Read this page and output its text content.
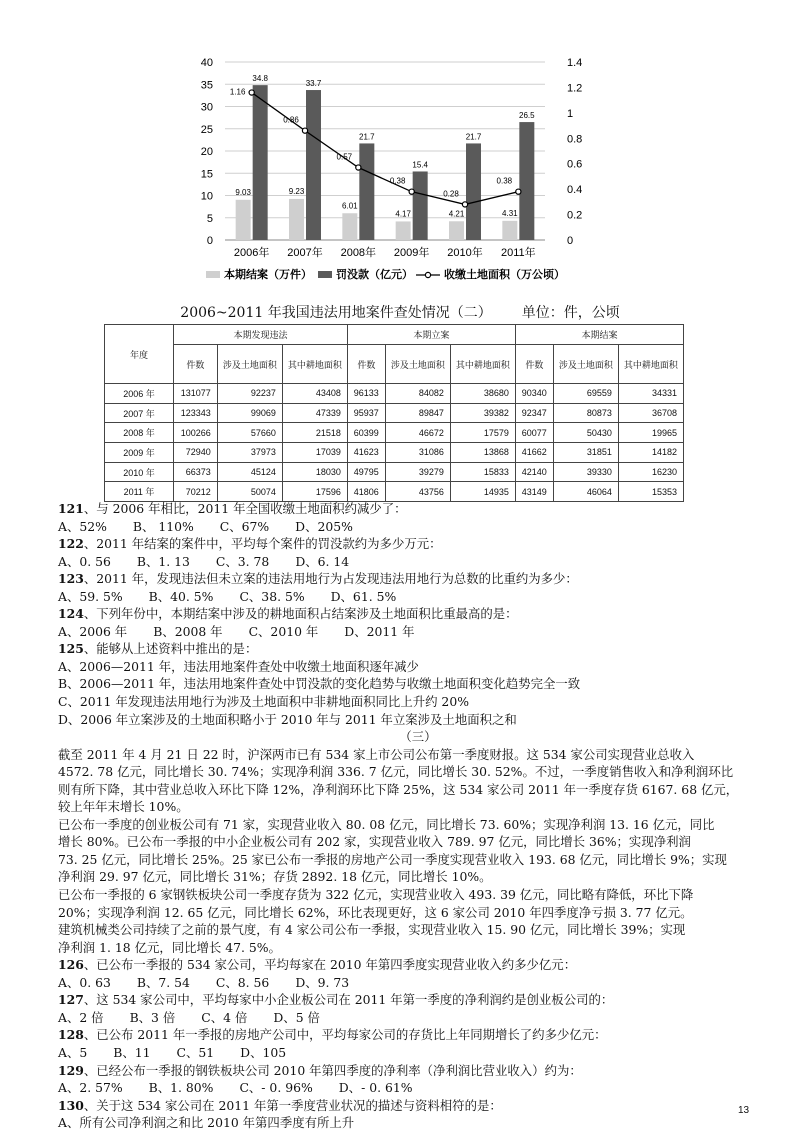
0
5
10
15
20
25
30
35
40
0
0.2
0.4
0.6
0.8
1
1.2
1.4
9.03
34.8
2006年
9.23
33.7
2007年
6.01
21.7
2008年
4.17
15.4
2009年
4.21
21.7
2010年
4.31
26.5
2011年
1.16
0.86
0.57
0.38
0.28
0.38
本期结案（万件） 罚没款（亿元）	收缴土地面积（万公顷）
2006~2011 年我国违法用地案件查处情况（二） 单位：件，公顷
年度	本期发现违法			本期立案			本期结案		
	件数	涉及土地面积	其中耕地面积	件数	涉及土地面积	其中耕地面积	件数	涉及土地面积	其中耕地面积
2006 年	131077	92237	43408	96133	84082	38680	90340	69559	34331
2007 年	123343	99069	47339	95937	89847	39382	92347	80873	36708
2008 年	100266	57660	21518	60399	46672	17579	60077	50430	19965
2009 年	72940	37973	17039	41623	31086	13868	41662	31851	14182
2010 年	66373	45124	18030	49795	39279	15833	42140	39330	16230
2011 年	70212	50074	17596	41806	43756	14935	43149	46064	15353

121、与 2006 年相比，2011 年全国收缴土地面积约减少了：

A、52% B、 110% C、67% D、205%

122、2011 年结案的案件中，平均每个案件的罚没款约为多少万元：

A、0. 56 B、1. 13 C、3. 78 D、6. 14

123、2011 年，发现违法但未立案的违法用地行为占发现违法用地行为总数的比重约为多少：

A、59. 5% B、40. 5% C、38. 5% D、61. 5%

124、下列年份中，本期结案中涉及的耕地面积占结案涉及土地面积比重最高的是：

A、2006 年 B、2008 年 C、2010 年 D、2011 年

125、能够从上述资料中推出的是：

A、2006—2011 年，违法用地案件查处中收缴土地面积逐年减少

B、2006—2011 年，违法用地案件查处中罚没款的变化趋势与收缴土地面积变化趋势完全一致

C、2011 年发现违法用地行为涉及土地面积中非耕地面积同比上升约 20%

D、2006 年立案涉及的土地面积略小于 2010 年与 2011 年立案涉及土地面积之和

（三）

截至 2011 年 4 月 21 日 22 时，沪深两市已有 534 家上市公司公布第一季度财报。这 534 家公司实现营业总收入

4572. 78 亿元，同比增长 30. 74%；实现净利润 336. 7 亿元，同比增长 30. 52%。不过，一季度销售收入和净利润环比

则有所下降，其中营业总收入环比下降 12%，净利润环比下降 25%，这 534 家公司 2011 年一季度存货 6167. 68 亿元，

较上年年末增长 10%。

已公布一季度的创业板公司有 71 家，实现营业收入 80. 08 亿元，同比增长 73. 60%；实现净利润 13. 16 亿元，同比

增长 80%。已公布一季报的中小企业板公司有 202 家，实现营业收入 789. 97 亿元，同比增长 36%；实现净利润

73. 25 亿元，同比增长 25%。25 家已公布一季报的房地产公司一季度实现营业收入 193. 68 亿元，同比增长 9%；实现

净利润 29. 97 亿元，同比增长 31%；存货 2892. 18 亿元，同比增长 10%。

已公布一季报的 6 家钢铁板块公司一季度存货为 322 亿元，实现营业收入 493. 39 亿元，同比略有降低，环比下降

20%；实现净利润 12. 65 亿元，同比增长 62%，环比表现更好，这 6 家公司 2010 年四季度净亏损 3. 77 亿元。

建筑机械类公司持续了之前的景气度，有 4 家公司公布一季报，实现营业收入 15. 90 亿元，同比增长 39%；实现

净利润 1. 18 亿元，同比增长 47. 5%。

126、已公布一季报的 534 家公司，平均每家在 2010 年第四季度实现营业收入约多少亿元：

A、0. 63 B、7. 54 C、8. 56 D、9. 73

127、这 534 家公司中，平均每家中小企业板公司在 2011 年第一季度的净利润约是创业板公司的：

A、2 倍 B、3 倍 C、4 倍 D、5 倍

128、已公布 2011 年一季报的房地产公司中，平均每家公司的存货比上年同期增长了约多少亿元：

A、5 B、11 C、51 D、105

129、已经公布一季报的钢铁板块公司 2010 年第四季度的净利率（净利润比营业收入）约为：

A、2. 57% B、1. 80% C、- 0. 96% D、- 0. 61%

130、关于这 534 家公司在 2011 年第一季度营业状况的描述与资料相符的是：

A、所有公司净利润之和比 2010 年第四季度有所上升

13
